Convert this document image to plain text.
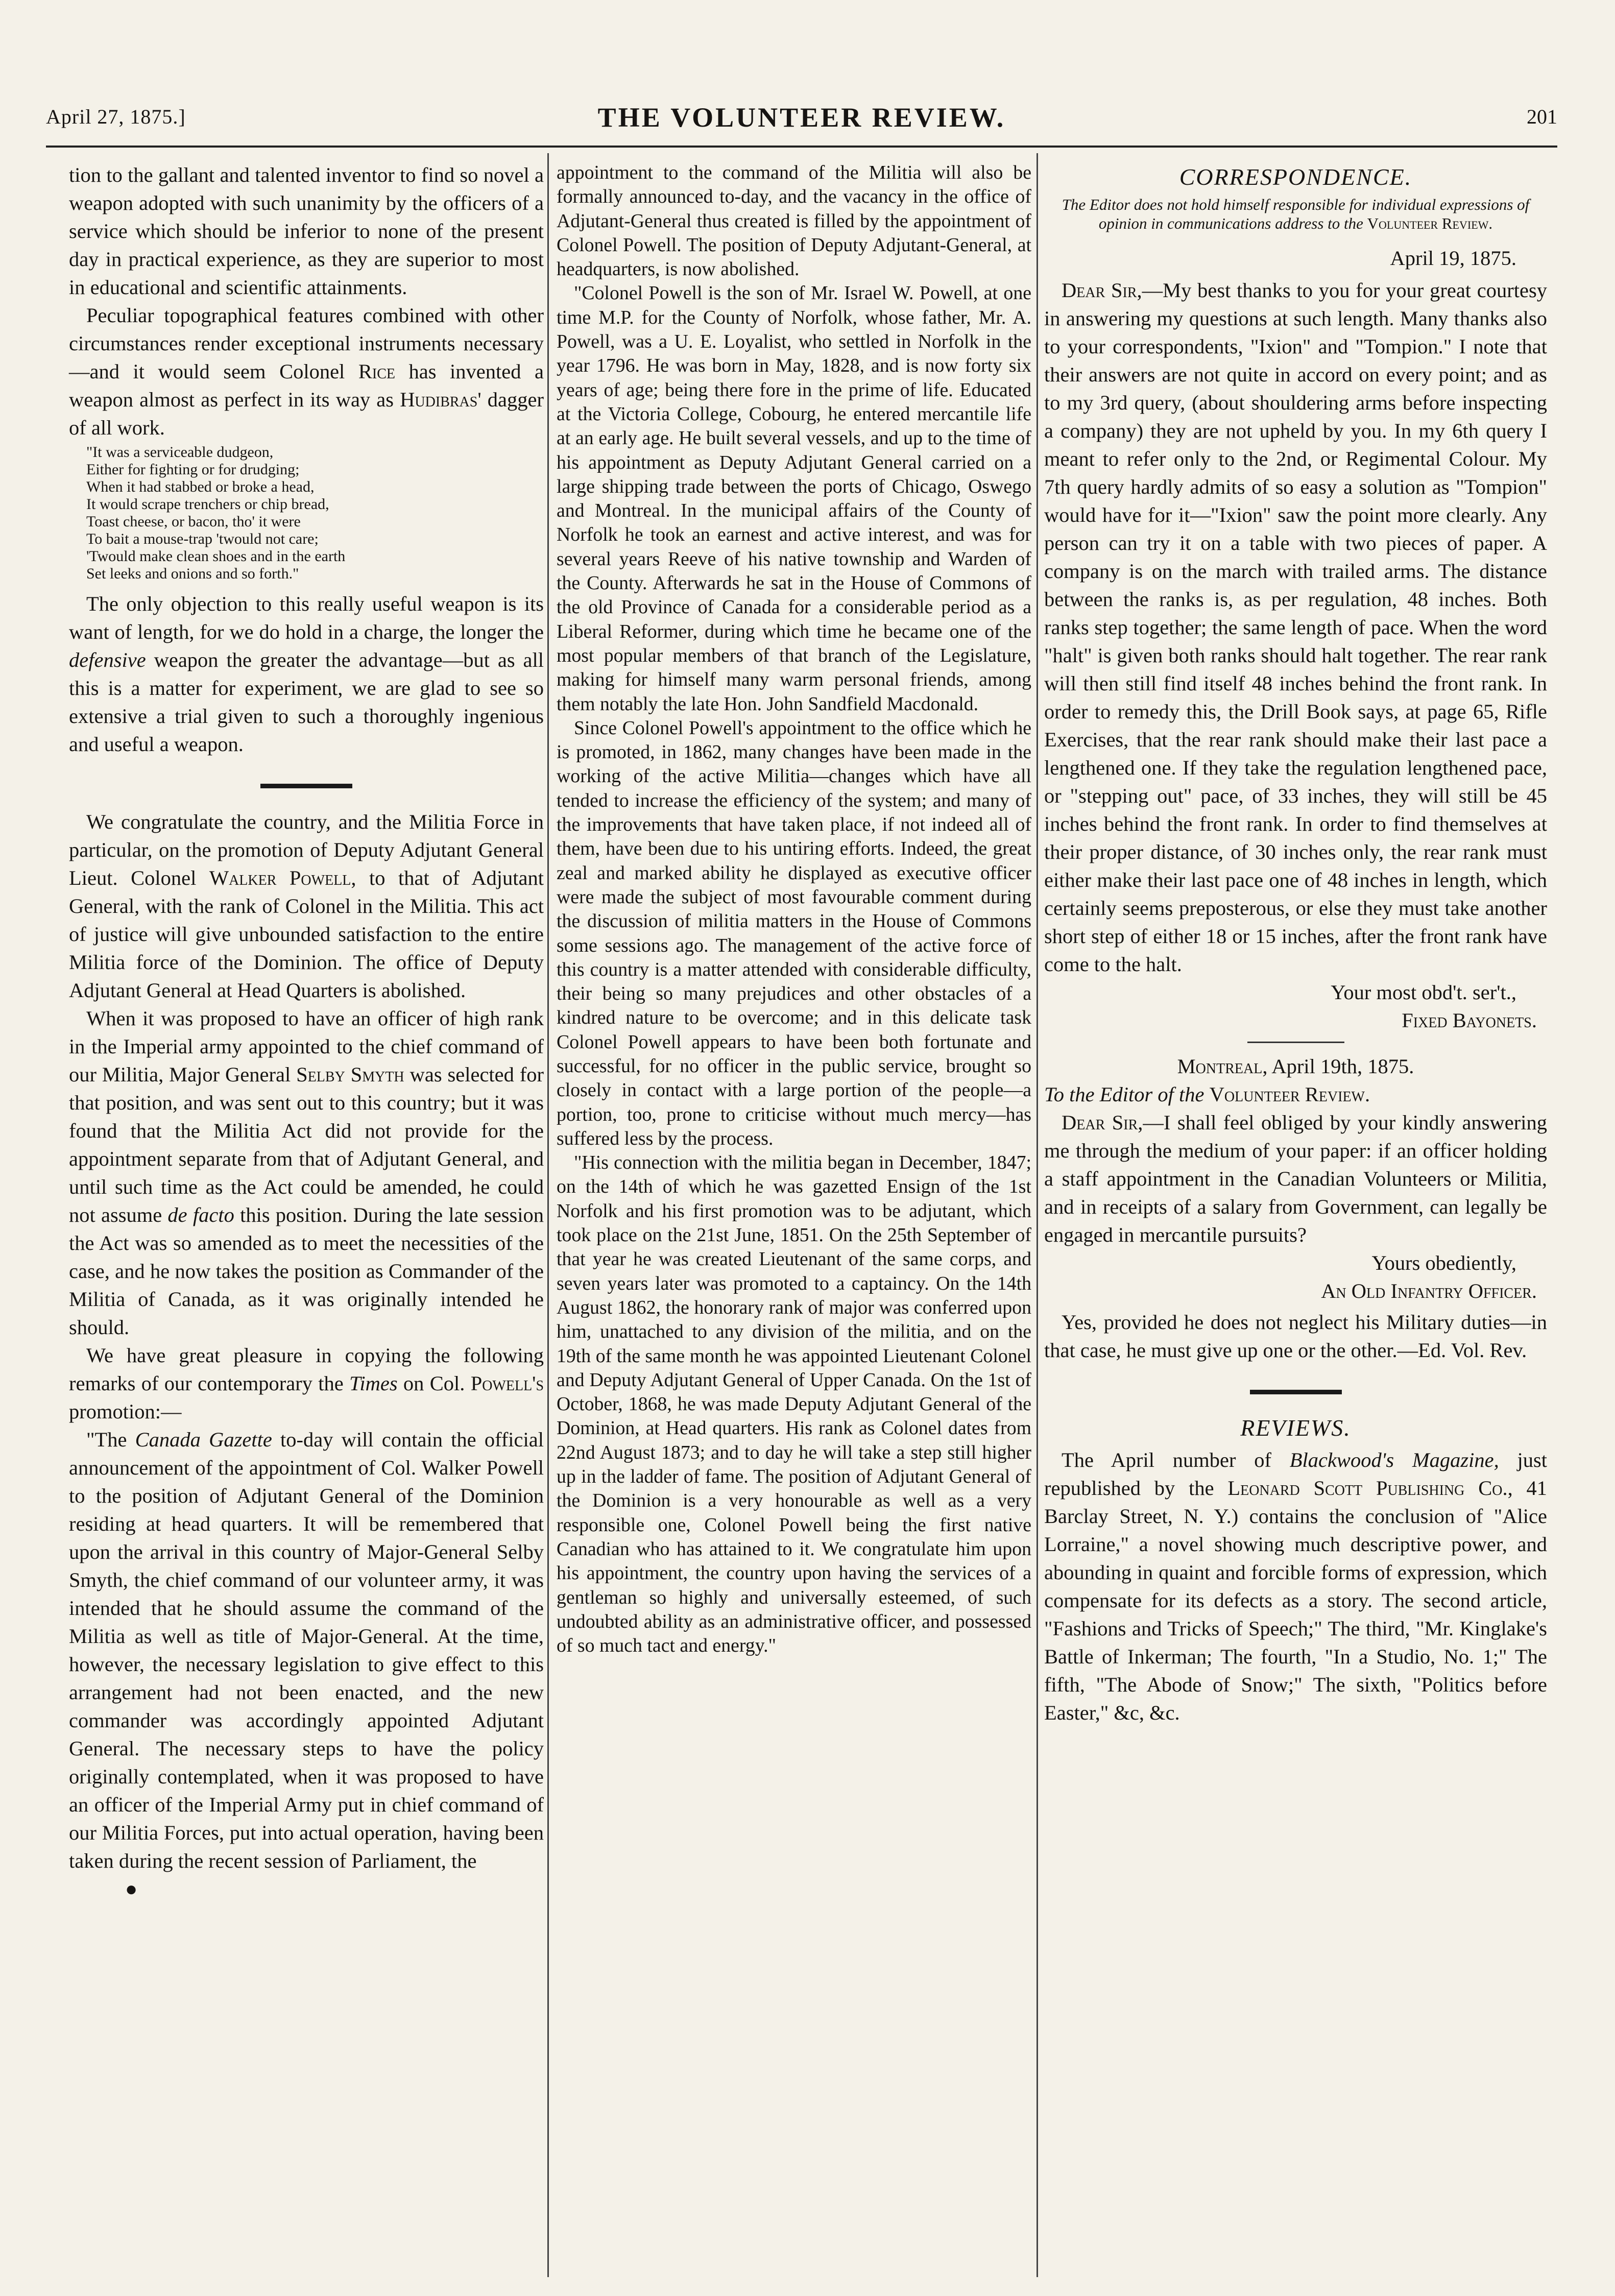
April 27, 1875.]	THE VOLUNTEER REVIEW.	201

tion to the gallant and talented inventor to find so novel a weapon adopted with such unanimity by the officers of a service which should be inferior to none of the present day in practical experience, as they are superior to most in educational and scientific attainments.

Peculiar topographical features combined with other circumstances render exceptional instruments necessary—and it would seem Colonel Rice has invented a weapon almost as perfect in its way as Hudibras' dagger of all work.

"It was a serviceable dudgeon,
Either for fighting or for drudging;
When it had stabbed or broke a head,
It would scrape trenchers or chip bread,
Toast cheese, or bacon, tho' it were
To bait a mouse-trap 'twould not care;
'Twould make clean shoes and in the earth
Set leeks and onions and so forth."

The only objection to this really useful weapon is its want of length, for we do hold in a charge, the longer the defensive weapon the greater the advantage—but as all this is a matter for experiment, we are glad to see so extensive a trial given to such a thoroughly ingenious and useful a weapon.

We congratulate the country, and the Militia Force in particular, on the promotion of Deputy Adjutant General Lieut. Colonel Walker Powell, to that of Adjutant General, with the rank of Colonel in the Militia. This act of justice will give unbounded satisfaction to the entire Militia force of the Dominion. The office of Deputy Adjutant General at Head Quarters is abolished.

When it was proposed to have an officer of high rank in the Imperial army appointed to the chief command of our Militia, Major General Selby Smyth was selected for that position, and was sent out to this country; but it was found that the Militia Act did not provide for the appointment separate from that of Adjutant General, and until such time as the Act could be amended, he could not assume de facto this position. During the late session the Act was so amended as to meet the necessities of the case, and he now takes the position as Commander of the Militia of Canada, as it was originally intended he should.

We have great pleasure in copying the following remarks of our contemporary the Times on Col. Powell's promotion:—

"The Canada Gazette to-day will contain the official announcement of the appointment of Col. Walker Powell to the position of Adjutant General of the Dominion residing at head quarters. It will be remembered that upon the arrival in this country of Major-General Selby Smyth, the chief command of our volunteer army, it was intended that he should assume the command of the Militia as well as title of Major-General. At the time, however, the necessary legislation to give effect to this arrangement had not been enacted, and the new commander was accordingly appointed Adjutant General. The necessary steps to have the policy originally contemplated, when it was proposed to have an officer of the Imperial Army put in chief command of our Militia Forces, put into actual operation, having been taken during the recent session of Parliament, the

●

appointment to the command of the Militia will also be formally announced to-day, and the vacancy in the office of Adjutant-General thus created is filled by the appointment of Colonel Powell. The position of Deputy Adjutant-General, at headquarters, is now abolished.

"Colonel Powell is the son of Mr. Israel W. Powell, at one time M.P. for the County of Norfolk, whose father, Mr. A. Powell, was a U. E. Loyalist, who settled in Norfolk in the year 1796. He was born in May, 1828, and is now forty six years of age; being there fore in the prime of life. Educated at the Victoria College, Cobourg, he entered mercantile life at an early age. He built several vessels, and up to the time of his appointment as Deputy Adjutant General carried on a large shipping trade between the ports of Chicago, Oswego and Montreal. In the municipal affairs of the County of Norfolk he took an earnest and active interest, and was for several years Reeve of his native township and Warden of the County. Afterwards he sat in the House of Commons of the old Province of Canada for a considerable period as a Liberal Reformer, during which time he became one of the most popular members of that branch of the Legislature, making for himself many warm personal friends, among them notably the late Hon. John Sandfield Macdonald.

Since Colonel Powell's appointment to the office which he is promoted, in 1862, many changes have been made in the working of the active Militia—changes which have all tended to increase the efficiency of the system; and many of the improvements that have taken place, if not indeed all of them, have been due to his untiring efforts. Indeed, the great zeal and marked ability he displayed as executive officer were made the subject of most favourable comment during the discussion of militia matters in the House of Commons some sessions ago. The management of the active force of this country is a matter attended with considerable difficulty, their being so many prejudices and other obstacles of a kindred nature to be overcome; and in this delicate task Colonel Powell appears to have been both fortunate and successful, for no officer in the public service, brought so closely in contact with a large portion of the people—a portion, too, prone to criticise without much mercy—has suffered less by the process.

"His connection with the militia began in December, 1847; on the 14th of which he was gazetted Ensign of the 1st Norfolk and his first promotion was to be adjutant, which took place on the 21st June, 1851. On the 25th September of that year he was created Lieutenant of the same corps, and seven years later was promoted to a captaincy. On the 14th August 1862, the honorary rank of major was conferred upon him, unattached to any division of the militia, and on the 19th of the same month he was appointed Lieutenant Colonel and Deputy Adjutant General of Upper Canada. On the 1st of October, 1868, he was made Deputy Adjutant General of the Dominion, at Head quarters. His rank as Colonel dates from 22nd August 1873; and to day he will take a step still higher up in the ladder of fame. The position of Adjutant General of the Dominion is a very honourable as well as a very responsible one, Colonel Powell being the first native Canadian who has attained to it. We congratulate him upon his appointment, the country upon having the services of a gentleman so highly and universally esteemed, of such undoubted ability as an administrative officer, and possessed of so much tact and energy."

CORRESPONDENCE.
The Editor does not hold himself responsible for individual expressions of opinion in communications address to the Volunteer Review.
April 19, 1875.

Dear Sir,—My best thanks to you for your great courtesy in answering my questions at such length. Many thanks also to your correspondents, "Ixion" and "Tompion." I note that their answers are not quite in accord on every point; and as to my 3rd query, (about shouldering arms before inspecting a company) they are not upheld by you. In my 6th query I meant to refer only to the 2nd, or Regimental Colour. My 7th query hardly admits of so easy a solution as "Tompion" would have for it—"Ixion" saw the point more clearly. Any person can try it on a table with two pieces of paper. A company is on the march with trailed arms. The distance between the ranks is, as per regulation, 48 inches. Both ranks step together; the same length of pace. When the word "halt" is given both ranks should halt together. The rear rank will then still find itself 48 inches behind the front rank. In order to remedy this, the Drill Book says, at page 65, Rifle Exercises, that the rear rank should make their last pace a lengthened one. If they take the regulation lengthened pace, or "stepping out" pace, of 33 inches, they will still be 45 inches behind the front rank. In order to find themselves at their proper distance, of 30 inches only, the rear rank must either make their last pace one of 48 inches in length, which certainly seems preposterous, or else they must take another short step of either 18 or 15 inches, after the front rank have come to the halt.

Your most obd't. ser't.,
Fixed Bayonets.
Montreal, April 19th, 1875.

To the Editor of the Volunteer Review.

Dear Sir,—I shall feel obliged by your kindly answering me through the medium of your paper: if an officer holding a staff appointment in the Canadian Volunteers or Militia, and in receipts of a salary from Government, can legally be engaged in mercantile pursuits?

Yours obediently,
An Old Infantry Officer.

Yes, provided he does not neglect his Military duties—in that case, he must give up one or the other.—Ed. Vol. Rev.

REVIEWS.

The April number of Blackwood's Magazine, just republished by the Leonard Scott Publishing Co., 41 Barclay Street, N. Y.) contains the conclusion of "Alice Lorraine," a novel showing much descriptive power, and abounding in quaint and forcible forms of expression, which compensate for its defects as a story. The second article, "Fashions and Tricks of Speech;" The third, "Mr. Kinglake's Battle of Inkerman; The fourth, "In a Studio, No. 1;" The fifth, "The Abode of Snow;" The sixth, "Politics before Easter," &c, &c.
